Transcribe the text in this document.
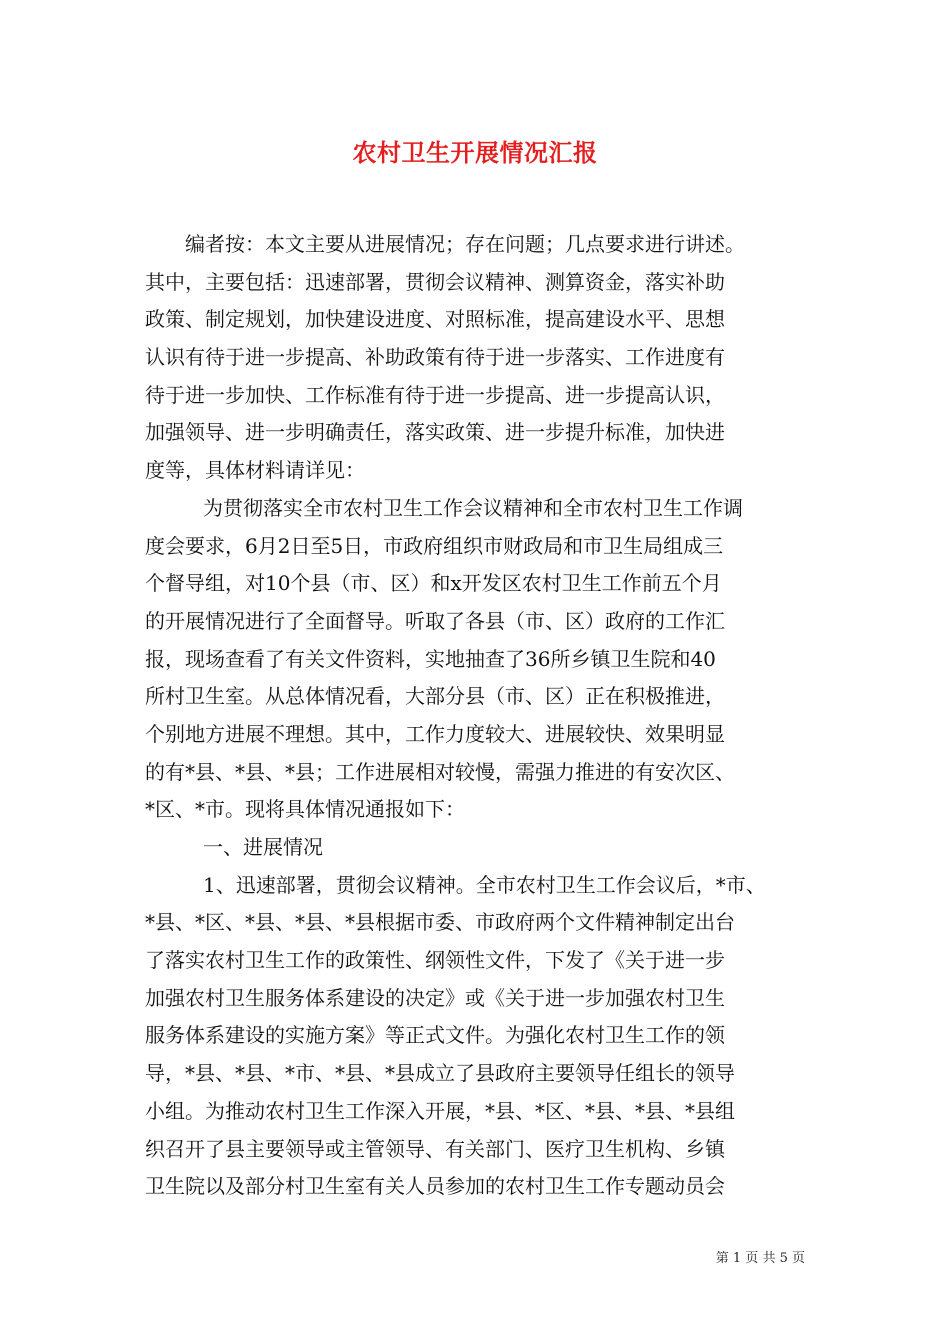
农村卫生开展情况汇报
编者按：本文主要从进展情况；存在问题；几点要求进行讲述。
其中，主要包括：迅速部署，贯彻会议精神、测算资金，落实补助
政策、制定规划，加快建设进度、对照标准，提高建设水平、思想
认识有待于进一步提高、补助政策有待于进一步落实、工作进度有
待于进一步加快、工作标准有待于进一步提高、进一步提高认识，
加强领导、进一步明确责任，落实政策、进一步提升标准，加快进
度等，具体材料请详见：
为贯彻落实全市农村卫生工作会议精神和全市农村卫生工作调
度会要求，6月2日至5日，市政府组织市财政局和市卫生局组成三
个督导组，对10个县（市、区）和x开发区农村卫生工作前五个月
的开展情况进行了全面督导。听取了各县（市、区）政府的工作汇
报，现场查看了有关文件资料，实地抽查了36所乡镇卫生院和40
所村卫生室。从总体情况看，大部分县（市、区）正在积极推进，
个别地方进展不理想。其中，工作力度较大、进展较快、效果明显
的有*县、*县、*县；工作进展相对较慢，需强力推进的有安次区、
*区、*市。现将具体情况通报如下：
一、进展情况
1、迅速部署，贯彻会议精神。全市农村卫生工作会议后，*市、
*县、*区、*县、*县、*县根据市委、市政府两个文件精神制定出台
了落实农村卫生工作的政策性、纲领性文件，下发了《关于进一步
加强农村卫生服务体系建设的决定》或《关于进一步加强农村卫生
服务体系建设的实施方案》等正式文件。为强化农村卫生工作的领
导，*县、*县、*市、*县、*县成立了县政府主要领导任组长的领导
小组。为推动农村卫生工作深入开展，*县、*区、*县、*县、*县组
织召开了县主要领导或主管领导、有关部门、医疗卫生机构、乡镇
卫生院以及部分村卫生室有关人员参加的农村卫生工作专题动员会
第 1 页 共 5 页
